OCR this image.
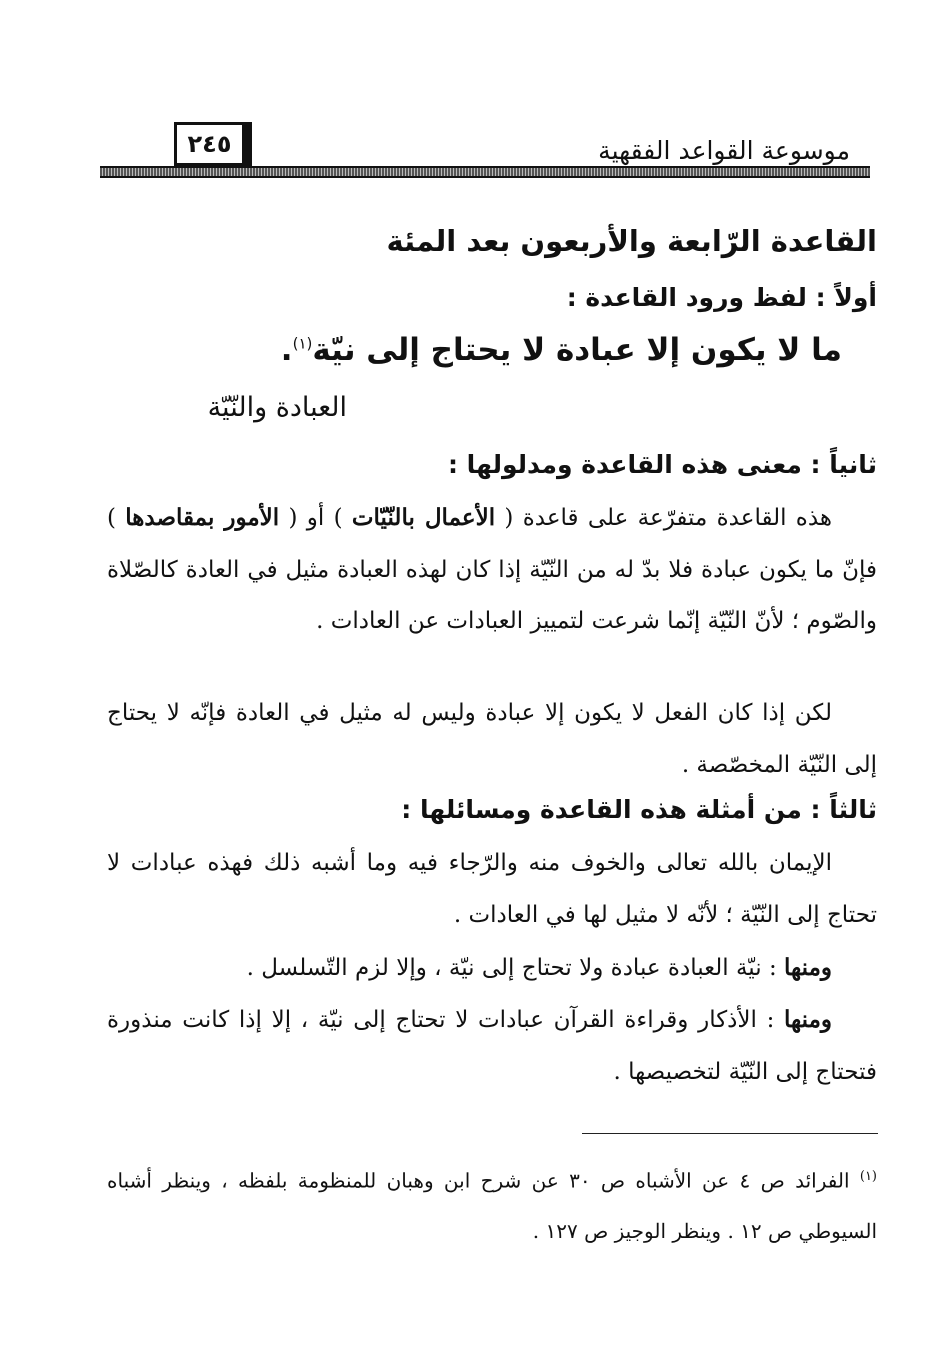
موسوعة القواعد الفقهية
٢٤٥
القاعدة الرّابعة والأربعون بعد المئة
أولاً : لفظ ورود القاعدة :
ما لا يكون إلا عبادة لا يحتاج إلى نيّة$^{(١)}$.
العبادة والنّيّة
ثانياً : معنى هذه القاعدة ومدلولها :
هذه القاعدة متفرّعة على قاعدة ( الأعمال بالنّيّات ) أو ( الأمور بمقاصدها ) فإنّ ما يكون عبادة فلا بدّ له من النّيّة إذا كان لهذه العبادة مثيل في العادة كالصّلاة والصّوم ؛ لأنّ النّيّة إنّما شرعت لتمييز العبادات عن العادات .
لكن إذا كان الفعل لا يكون إلا عبادة وليس له مثيل في العادة فإنّه لا يحتاج إلى النّيّة المخصّصة .
ثالثاً : من أمثلة هذه القاعدة ومسائلها :
الإيمان بالله تعالى والخوف منه والرّجاء فيه وما أشبه ذلك فهذه عبادات لا تحتاج إلى النّيّة ؛ لأنّه لا مثيل لها في العادات .
ومنها : نيّة العبادة عبادة ولا تحتاج إلى نيّة ، وإلا لزم التّسلسل .
ومنها : الأذكار وقراءة القرآن عبادات لا تحتاج إلى نيّة ، إلا إذا كانت منذورة فتحتاج إلى النّيّة لتخصيصها .
$^{(١)}$ الفرائد ص ٤ عن الأشباه ص ٣٠ عن شرح ابن وهبان للمنظومة بلفظه ، وينظر أشباه السيوطي ص ١٢ . وينظر الوجيز ص ١٢٧ .
